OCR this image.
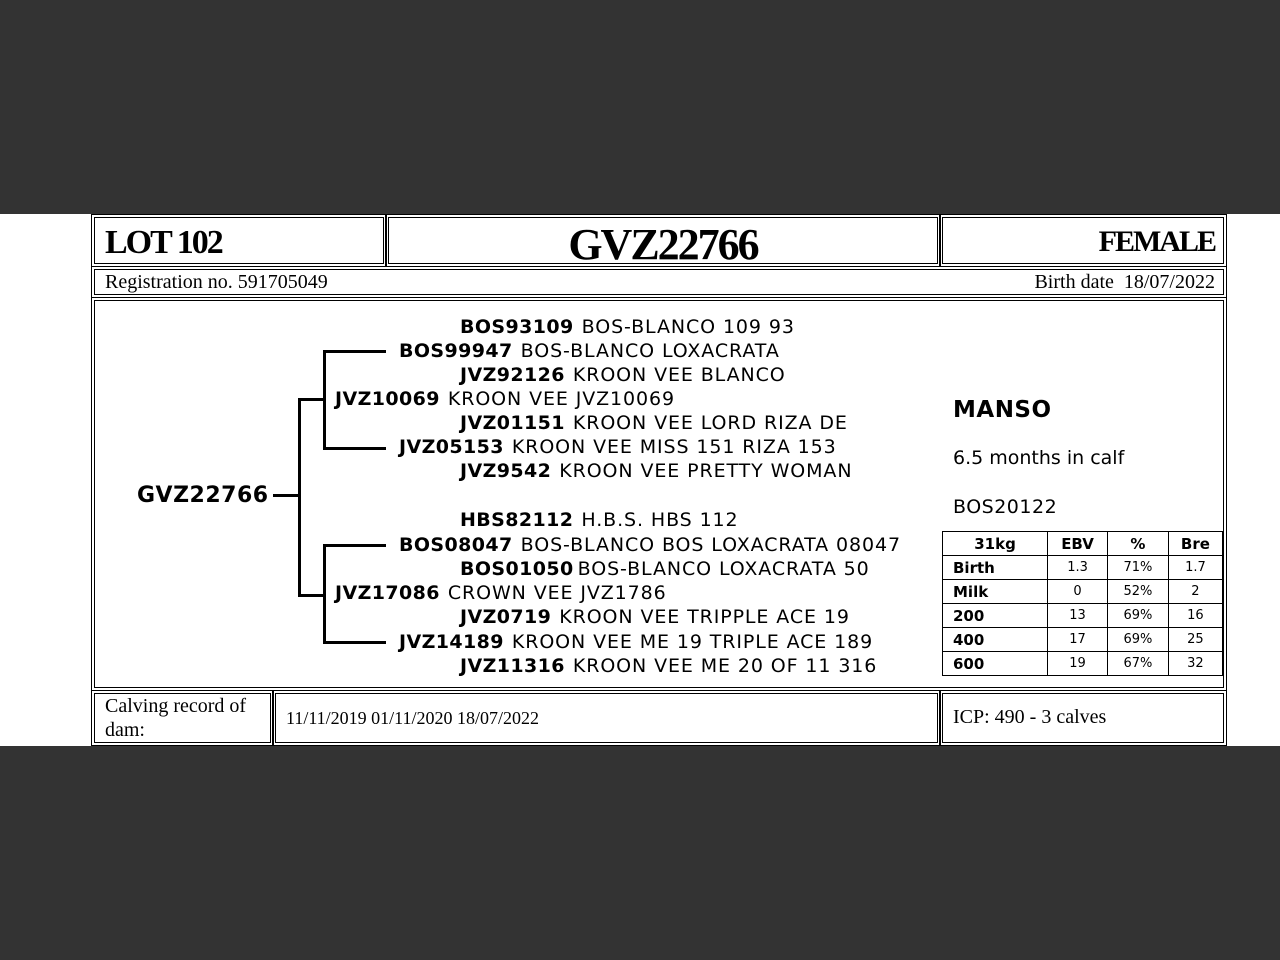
LOT 102	GVZ22766	FEMALE
Registration no. 591705049	Birth date  18/07/2022
GVZ22766
BOS93109 BOS-BLANCO 109 93
BOS99947 BOS-BLANCO LOXACRATA
JVZ92126 KROON VEE BLANCO
JVZ10069 KROON VEE JVZ10069
JVZ01151 KROON VEE LORD RIZA DE
JVZ05153 KROON VEE MISS 151 RIZA 153
JVZ9542 KROON VEE PRETTY WOMAN
HBS82112 H.B.S. HBS 112
BOS08047 BOS-BLANCO BOS LOXACRATA 08047
BOS01050 BOS-BLANCO LOXACRATA 50
JVZ17086 CROWN VEE JVZ1786
JVZ0719 KROON VEE TRIPPLE ACE 19
JVZ14189 KROON VEE ME 19 TRIPLE ACE 189
JVZ11316 KROON VEE ME 20 OF 11 316
MANSO
6.5 months in calf
BOS20122
31kg	EBV	%	Bre
Birth	1.3	71%	1.7
Milk	0	52%	2
200	13	69%	16
400	17	69%	25
600	19	67%	32
Calving record of dam:
11/11/2019 01/11/2020 18/07/2022	ICP: 490 - 3 calves
